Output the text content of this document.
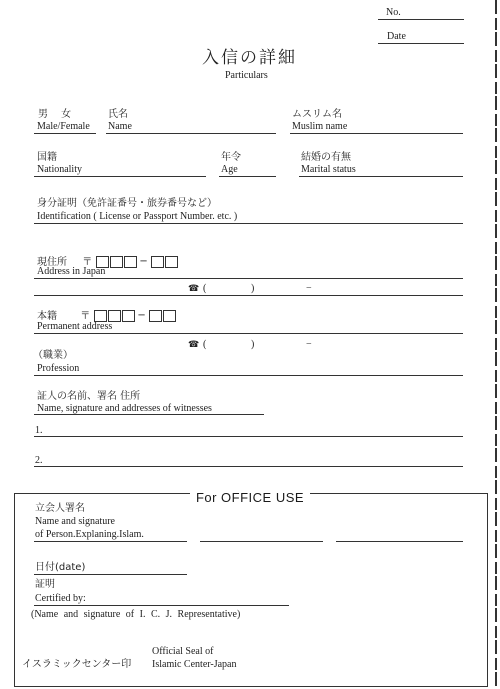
No.
Date
入信の詳細
Particulars
男 女
Male/Female
氏名
Name
ムスリム名
Muslim name
国籍
Nationality
年令
Age
結婚の有無
Marital status
身分証明（免許証番号・旅券番号など）
Identification ( License or Passport Number. etc. )
現住所 〒	−
Address in Japan
☎ (	)	−
本籍 〒	−
Permanent address
☎ (	)	−
（職業）
Profession
証人の名前、署名 住所
Name, signature and addresses of witnesses
1.
2.
For OFFICE USE
立会人署名
Name and signature
of Person.Explaning.Islam.
日付(date)
証明
Certified by:
(Name and signature of I. C. J. Representative)
Official Seal of
イスラミックセンター印 Islamic Center-Japan
